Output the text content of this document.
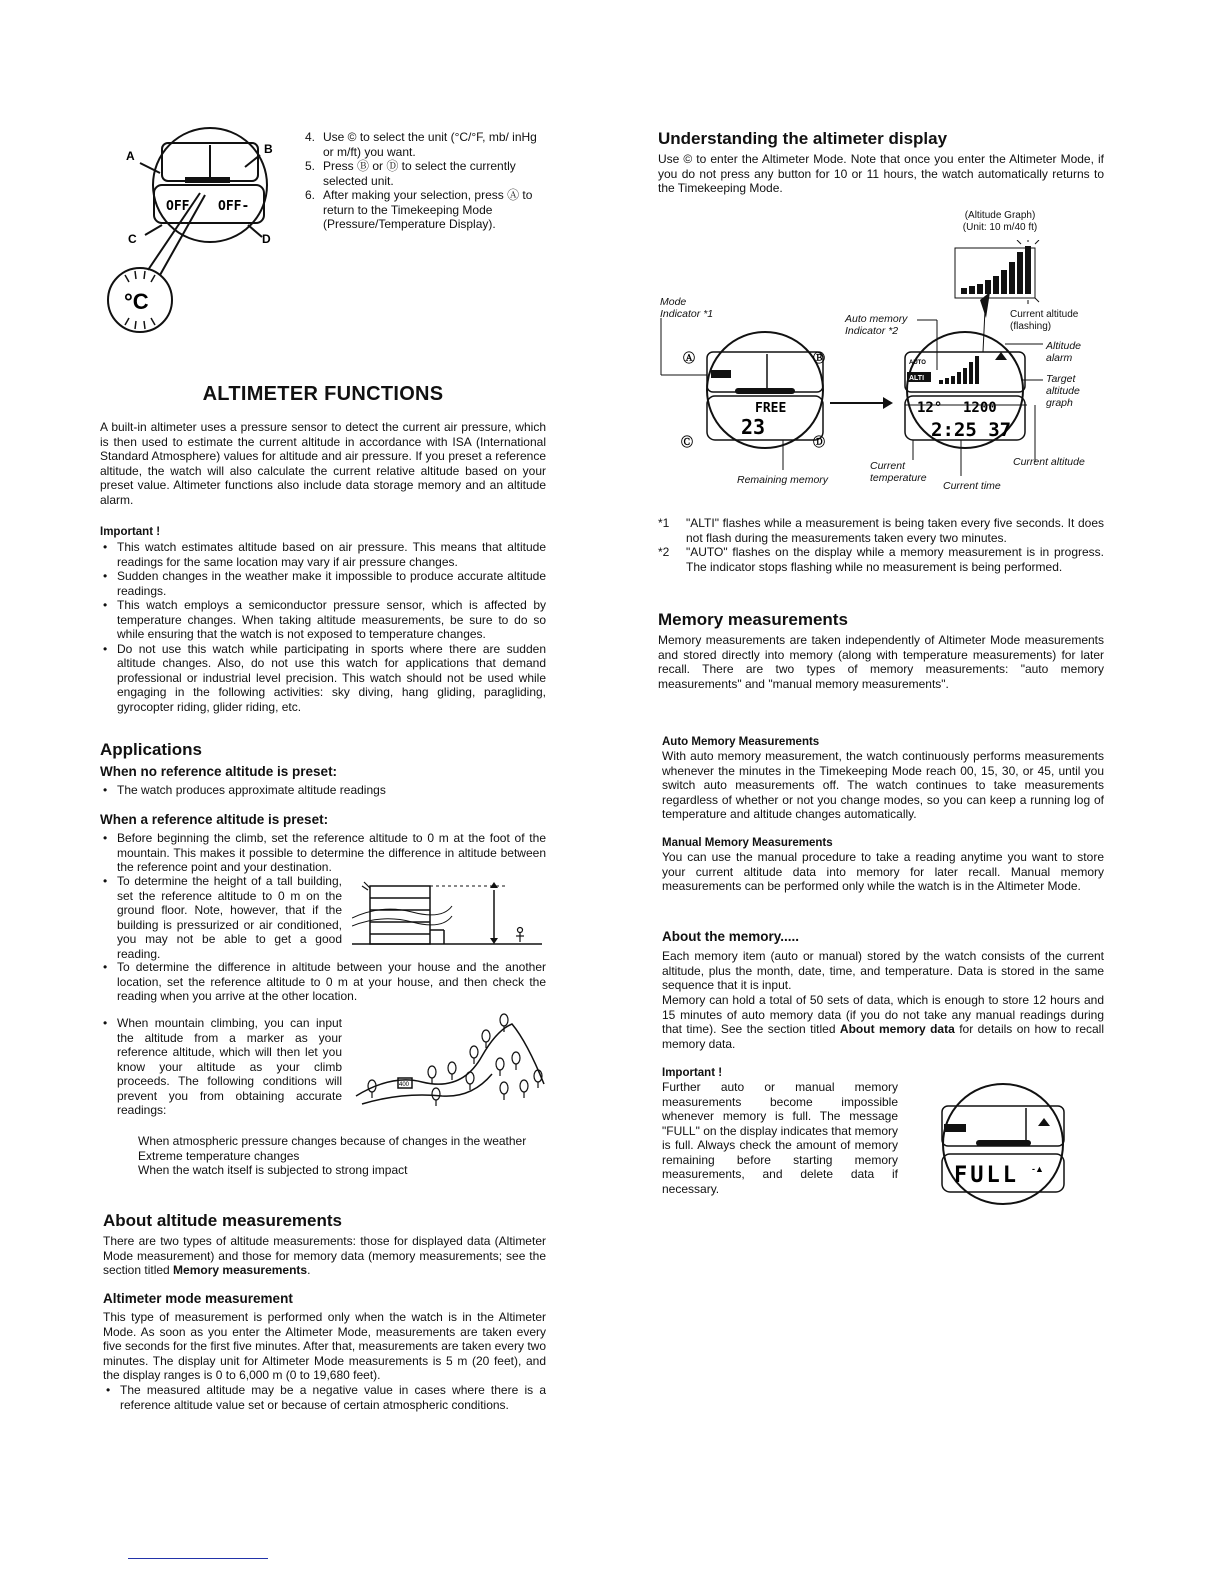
OFF OFF-
A	B
C	D
°C
4. Use © to select the unit (°C/°F, mb/ inHg or m/ft) you want.
5. Press Ⓑ or Ⓓ to select the currently selected unit.
6. After making your selection, press Ⓐ to return to the Timekeeping Mode (Pressure/Temperature Display).
ALTIMETER FUNCTIONS

A built-in altimeter uses a pressure sensor to detect the current air pressure, which is then used to estimate the current altitude in accordance with ISA (International Standard Atmosphere) values for altitude and air pressure. If you preset a reference altitude, the watch will also calculate the current relative altitude based on your preset value. Altimeter functions also include data storage memory and an altitude alarm.

Important !
• This watch estimates altitude based on air pressure. This means that altitude readings for the same location may vary if air pressure changes.
• Sudden changes in the weather make it impossible to produce accurate altitude readings.
• This watch employs a semiconductor pressure sensor, which is affected by temperature changes. When taking altitude measurements, be sure to do so while ensuring that the watch is not exposed to temperature changes.
• Do not use this watch while participating in sports where there are sudden altitude changes. Also, do not use this watch for applications that demand professional or industrial level precision. This watch should not be used while engaging in the following activities: sky diving, hang gliding, paragliding, gyrocopter riding, glider riding, etc.
Applications
When no reference altitude is preset:
• The watch produces approximate altitude readings
When a reference altitude is preset:
• Before beginning the climb, set the reference altitude to 0 m at the foot of the mountain. This makes it possible to determine the difference in altitude between the reference point and your destination.
• To determine the height of a tall building, set the reference altitude to 0 m on the ground floor. Note, however, that if the building is pressurized or air conditioned, you may not be able to get a good reading.
• To determine the difference in altitude between your house and the another location, set the reference altitude to 0 m at your house, and then check the reading when you arrive at the other location.
• When mountain climbing, you can input the altitude from a marker as your reference altitude, which will then let you know your altitude as your climb proceeds. The following conditions will prevent you from obtaining accurate readings:
400

When atmospheric pressure changes because of changes in the weather

Extreme temperature changes

When the watch itself is subjected to strong impact

About altitude measurements

There are two types of altitude measurements: those for displayed data (Altimeter Mode measurement) and those for memory data (memory measurements; see the section titled Memory measurements.

Altimeter mode measurement

This type of measurement is performed only when the watch is in the Altimeter Mode. As soon as you enter the Altimeter Mode, measurements are taken every five seconds for the first five minutes. After that, measurements are taken every two minutes. The display unit for Altimeter Mode measurements is 5 m (20 feet), and the display ranges is 0 to 6,000 m (0 to 19,680 feet).

• The measured altitude may be a negative value in cases where there is a reference altitude value set or because of certain atmospheric conditions.
Understanding the altimeter display

Use © to enter the Altimeter Mode. Note that once you enter the Altimeter Mode, if you do not press any button for 10 or 11 hours, the watch automatically returns to the Timekeeping Mode.

(Altitude Graph)
(Unit: 10 m/40 ft)
FREE
23
Ⓐ	Ⓑ
Ⓒ	Ⓓ
ALTI
AUTO
12° 1200
2:25 37
Mode
Indicator *1	Auto memory
Indicator *2
Current altitude
(flashing)
Altitude
alarm
Target
altitude
graph
Remaining memory
Current
temperature
Current time
Current altitude
*1 "ALTI" flashes while a measurement is being taken every five seconds. It does not flash during the measurements taken every two minutes.
*2 "AUTO" flashes on the display while a memory measurement is in progress. The indicator stops flashing while no measurement is being performed.
Memory measurements

Memory measurements are taken independently of Altimeter Mode measurements and stored directly into memory (along with temperature measurements) for later recall. There are two types of memory measurements: "auto memory measurements" and "manual memory measurements".

Auto Memory Measurements

With auto memory measurement, the watch continuously performs measurements whenever the minutes in the Timekeeping Mode reach 00, 15, 30, or 45, until you switch auto measurements off. The watch continues to take measurements regardless of whether or not you change modes, so you can keep a running log of temperature and altitude changes automatically.

Manual Memory Measurements

You can use the manual procedure to take a reading anytime you want to store your current altitude data into memory for later recall. Manual memory measurements can be performed only while the watch is in the Altimeter Mode.

About the memory.....

Each memory item (auto or manual) stored by the watch consists of the current altitude, plus the month, date, time, and temperature. Data is stored in the same sequence that it is input.

Memory can hold a total of 50 sets of data, which is enough to store 12 hours and 15 minutes of auto memory data (if you do not take any manual readings during that time). See the section titled About memory data for details on how to recall memory data.

Important !

Further auto or manual memory measurements become impossible whenever memory is full. The message "FULL" on the display indicates that memory is full. Always check the amount of memory remaining before starting memory measurements, and delete data if necessary.

FULL -▲
